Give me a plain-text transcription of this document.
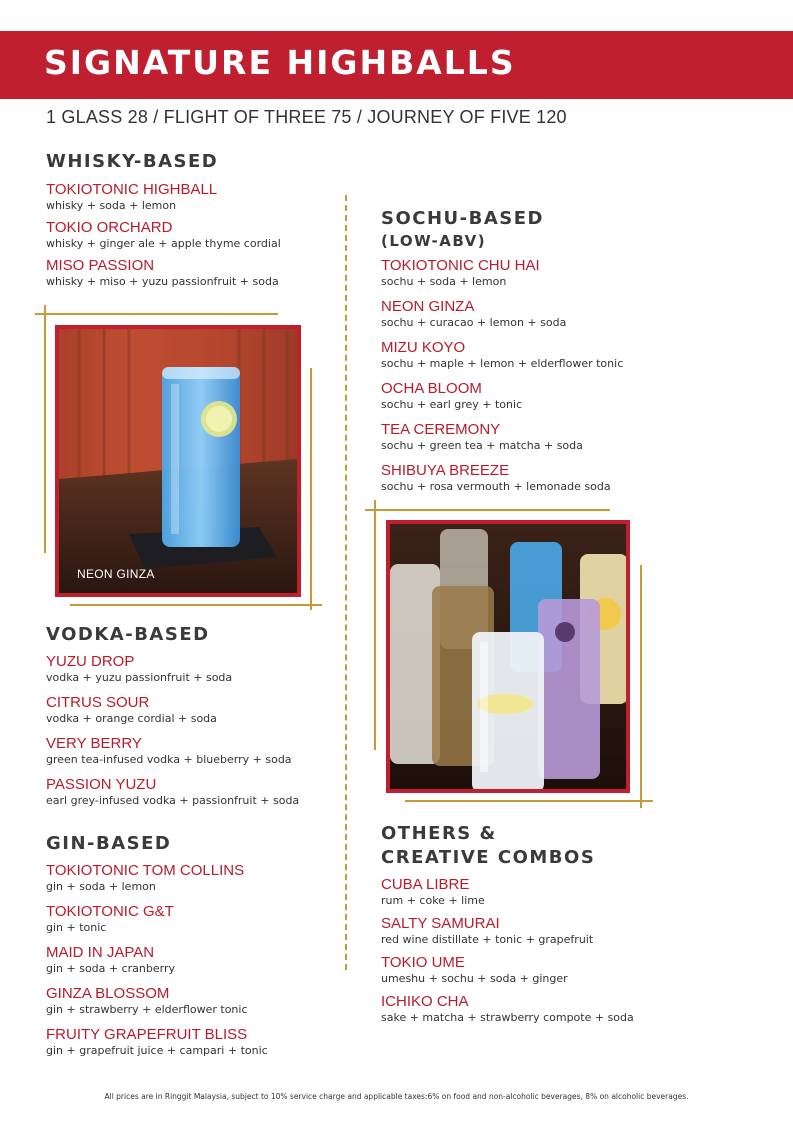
SIGNATURE HIGHBALLS
1 GLASS 28 / FLIGHT OF THREE 75 / JOURNEY OF FIVE 120
WHISKY-BASED
TOKIOTONIC HIGHBALL
whisky + soda + lemon
TOKIO ORCHARD
whisky + ginger ale + apple thyme cordial
MISO PASSION
whisky + miso + yuzu passionfruit + soda
NEON GINZA
SOCHU-BASED
(LOW-ABV)
TOKIOTONIC CHU HAI
sochu + soda + lemon
NEON GINZA
sochu + curacao + lemon + soda
MIZU KOYO
sochu + maple + lemon + elderflower tonic
OCHA BLOOM
sochu + earl grey + tonic
TEA CEREMONY
sochu + green tea + matcha + soda
SHIBUYA BREEZE
sochu + rosa vermouth + lemonade soda
VODKA-BASED
YUZU DROP
vodka + yuzu passionfruit + soda
CITRUS SOUR
vodka + orange cordial + soda
VERY BERRY
green tea-infused vodka + blueberry + soda
PASSION YUZU
earl grey-infused vodka + passionfruit + soda
GIN-BASED
TOKIOTONIC TOM COLLINS
gin + soda + lemon
TOKIOTONIC G&T
gin + tonic
MAID IN JAPAN
gin + soda + cranberry
GINZA BLOSSOM
gin + strawberry + elderflower tonic
FRUITY GRAPEFRUIT BLISS
gin + grapefruit juice + campari + tonic
OTHERS &
CREATIVE COMBOS
CUBA LIBRE
rum + coke + lime
SALTY SAMURAI
red wine distillate + tonic + grapefruit
TOKIO UME
umeshu + sochu + soda + ginger
ICHIKO CHA
sake + matcha + strawberry compote + soda
All prices are in Ringgit Malaysia, subject to 10% service charge and applicable taxes:6% on food and non-alcoholic beverages, 8% on alcoholic beverages.
